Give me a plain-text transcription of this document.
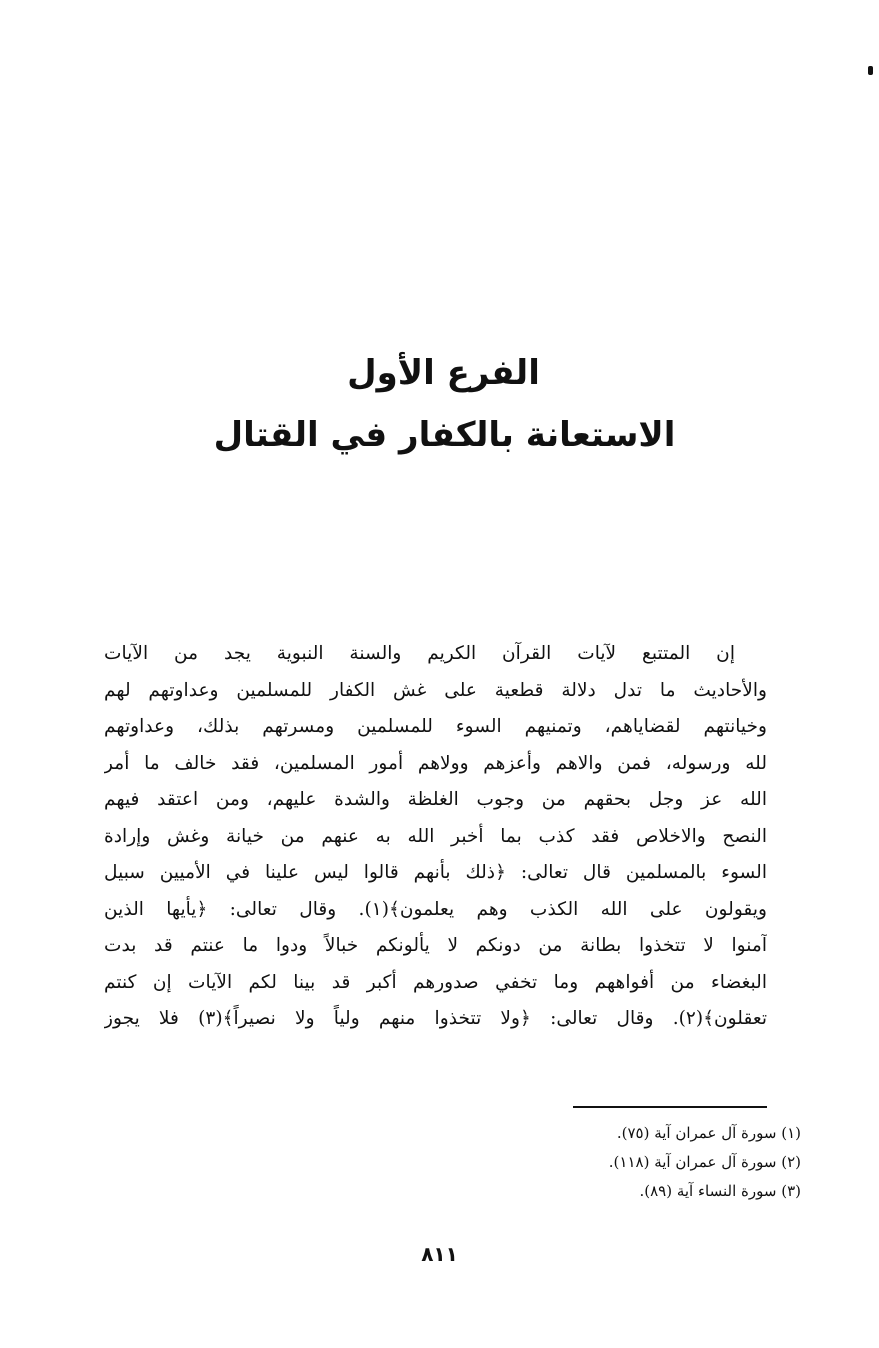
الفرع الأول

الاستعانة بالكفار في القتال

إن المتتبع لآيات القرآن الكريم والسنة النبوية يجد من الآيات
والأحاديث ما تدل دلالة قطعية على غش الكفار للمسلمين وعداوتهم لهم
وخيانتهم لقضاياهم، وتمنيهم السوء للمسلمين ومسرتهم بذلك، وعداوتهم
لله ورسوله، فمن والاهم وأعزهم وولاهم أمور المسلمين، فقد خالف ما أمر
الله عز وجل بحقهم من وجوب الغلظة والشدة عليهم، ومن اعتقد فيهم
النصح والاخلاص فقد كذب بما أخبر الله به عنهم من خيانة وغش وإرادة
السوء بالمسلمين قال تعالى: ﴿ذلك بأنهم قالوا ليس علينا في الأميين سبيل
ويقولون على الله الكذب وهم يعلمون﴾(١). وقال تعالى: ﴿يأيها الذين
آمنوا لا تتخذوا بطانة من دونكم لا يألونكم خبالاً ودوا ما عنتم قد بدت
البغضاء من أفواههم وما تخفي صدورهم أكبر قد بينا لكم الآيات إن كنتم
تعقلون﴾(٢). وقال تعالى: ﴿ولا تتخذوا منهم ولياً ولا نصيراً﴾(٣) فلا يجوز
(١) سورة آل عمران آية (٧٥).
(٢) سورة آل عمران آية (١١٨).
(٣) سورة النساء آية (٨٩).
٨١١
